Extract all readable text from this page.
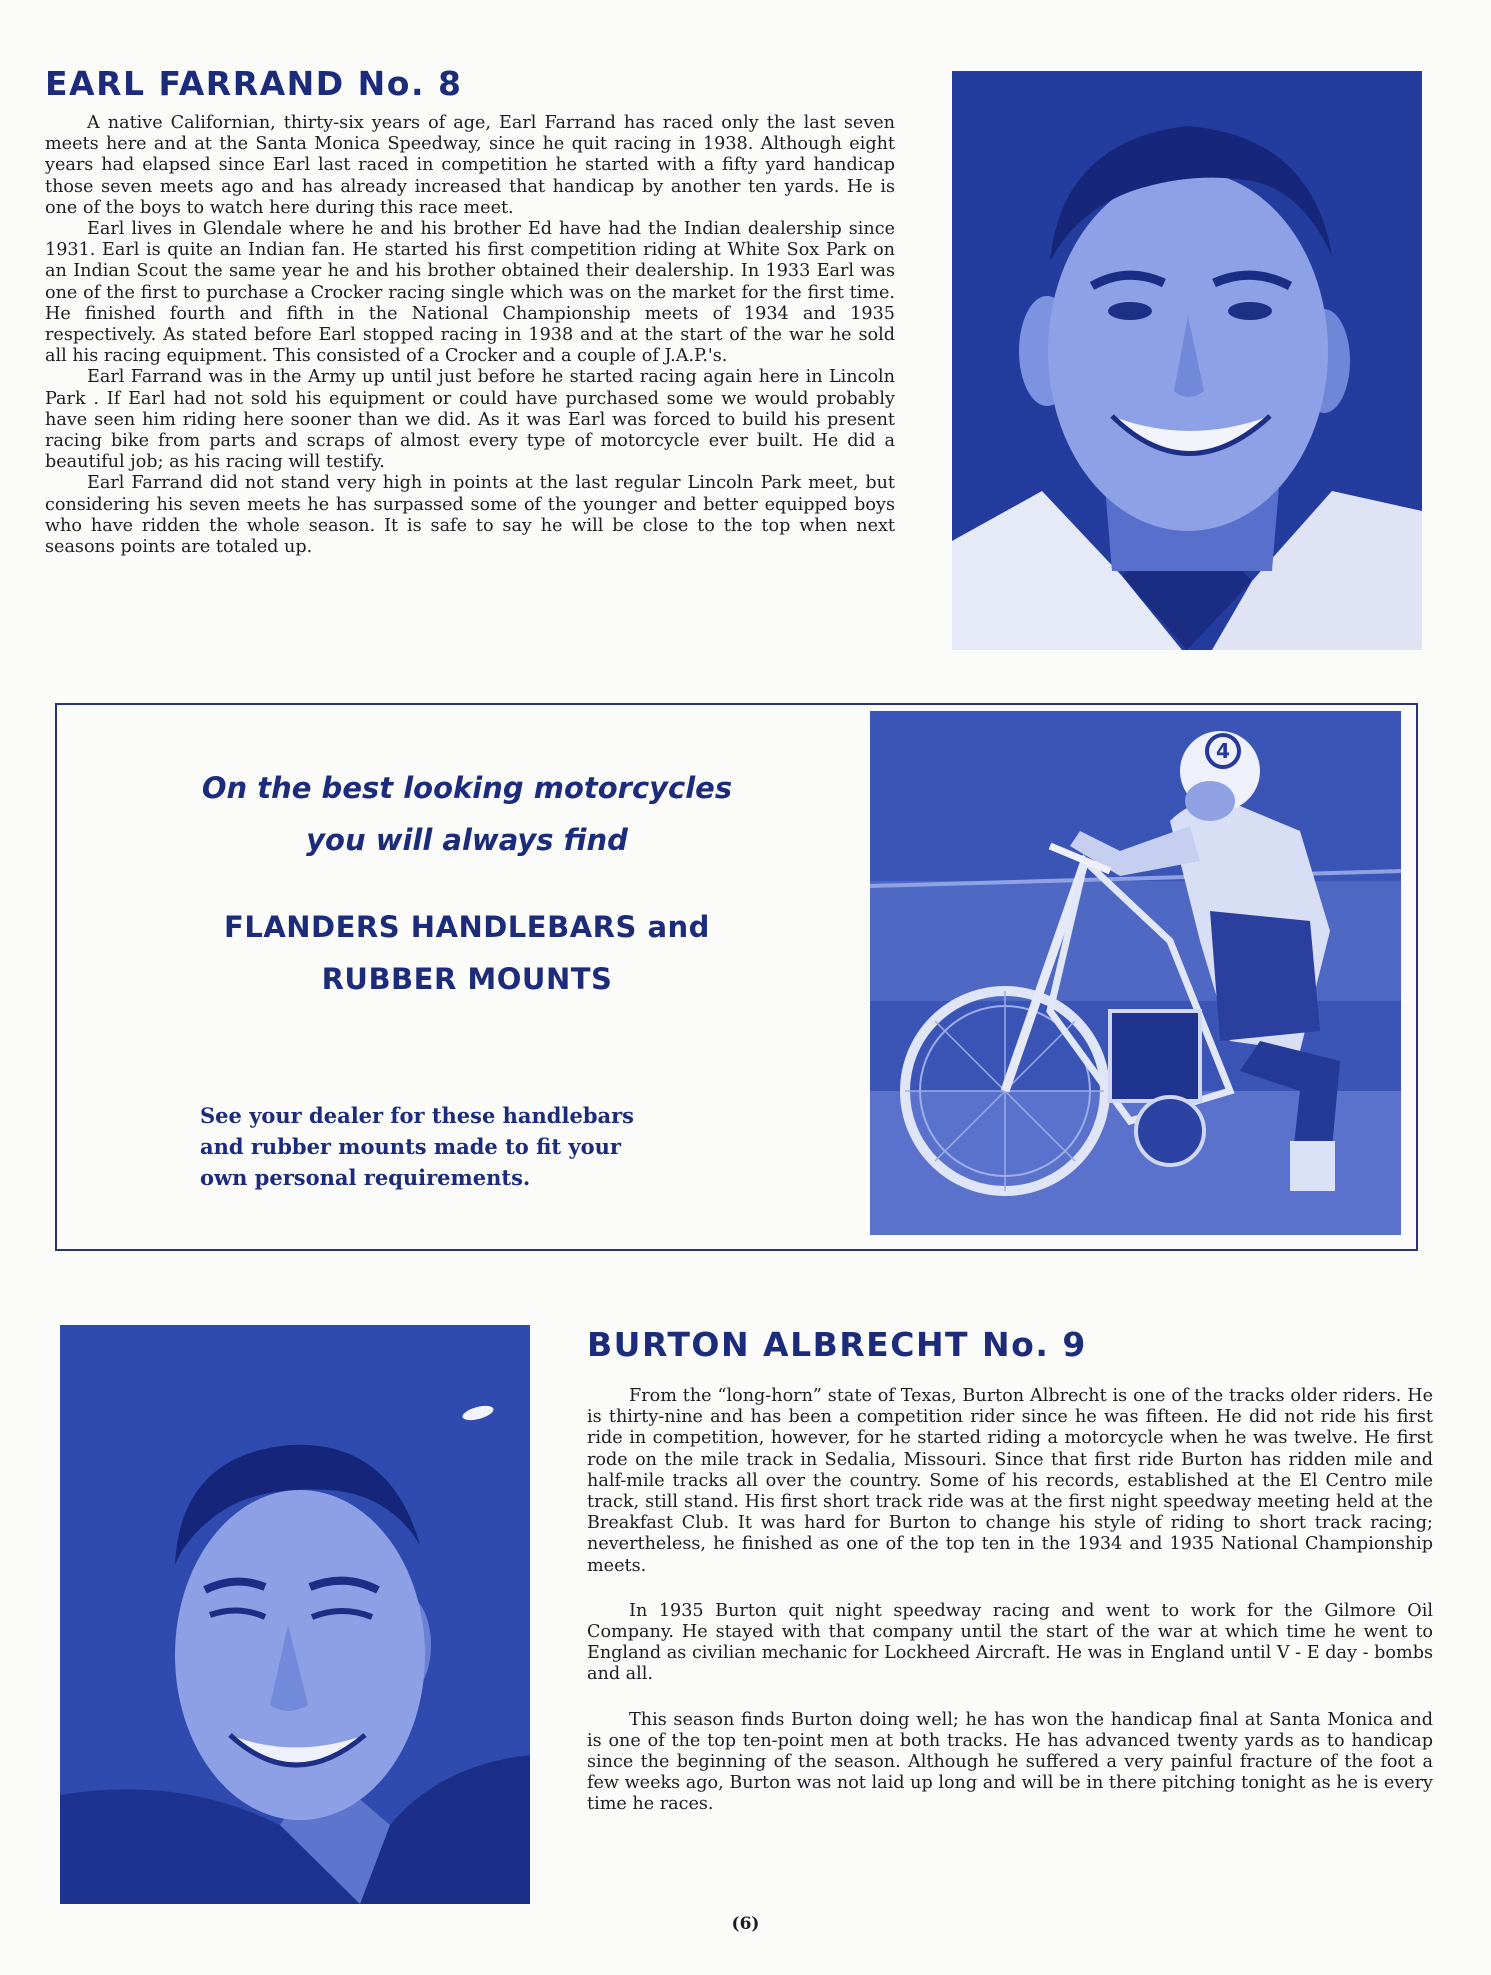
EARL FARRAND No. 8

A native Californian, thirty-six years of age, Earl Farrand has raced only the last seven meets here and at the Santa Monica Speedway, since he quit racing in 1938. Although eight years had elapsed since Earl last raced in competition he started with a fifty yard handicap those seven meets ago and has already increased that handicap by another ten yards. He is one of the boys to watch here during this race meet.

Earl lives in Glendale where he and his brother Ed have had the Indian dealership since 1931. Earl is quite an Indian fan. He started his first competition riding at White Sox Park on an Indian Scout the same year he and his brother obtained their dealership. In 1933 Earl was one of the first to purchase a Crocker racing single which was on the market for the first time. He finished fourth and fifth in the National Championship meets of 1934 and 1935 respectively. As stated before Earl stopped racing in 1938 and at the start of the war he sold all his racing equipment. This consisted of a Crocker and a couple of J.A.P.'s.

Earl Farrand was in the Army up until just before he started racing again here in Lincoln Park . If Earl had not sold his equipment or could have purchased some we would probably have seen him riding here sooner than we did. As it was Earl was forced to build his present racing bike from parts and scraps of almost every type of motorcycle ever built. He did a beautiful job; as his racing will testify.

Earl Farrand did not stand very high in points at the last regular Lincoln Park meet, but considering his seven meets he has surpassed some of the younger and better equipped boys who have ridden the whole season. It is safe to say he will be close to the top when next seasons points are totaled up.

On the best looking motorcycles
you will always find
FLANDERS HANDLEBARS and
RUBBER MOUNTS
See your dealer for these handlebars
and rubber mounts made to fit your
own personal requirements.
4
BURTON ALBRECHT No. 9

From the “long-horn” state of Texas, Burton Albrecht is one of the tracks older riders. He is thirty-nine and has been a competition rider since he was fifteen. He did not ride his first ride in competition, however, for he started riding a motorcycle when he was twelve. He first rode on the mile track in Sedalia, Missouri. Since that first ride Burton has ridden mile and half-mile tracks all over the country. Some of his records, established at the El Centro mile track, still stand. His first short track ride was at the first night speedway meeting held at the Breakfast Club. It was hard for Burton to change his style of riding to short track racing; nevertheless, he finished as one of the top ten in the 1934 and 1935 National Championship meets.

In 1935 Burton quit night speedway racing and went to work for the Gilmore Oil Company. He stayed with that company until the start of the war at which time he went to England as civilian mechanic for Lockheed Aircraft. He was in England until V - E day - bombs and all.

This season finds Burton doing well; he has won the handicap final at Santa Monica and is one of the top ten-point men at both tracks. He has advanced twenty yards as to handicap since the beginning of the season. Although he suffered a very painful fracture of the foot a few weeks ago, Burton was not laid up long and will be in there pitching tonight as he is every time he races.

(6)
